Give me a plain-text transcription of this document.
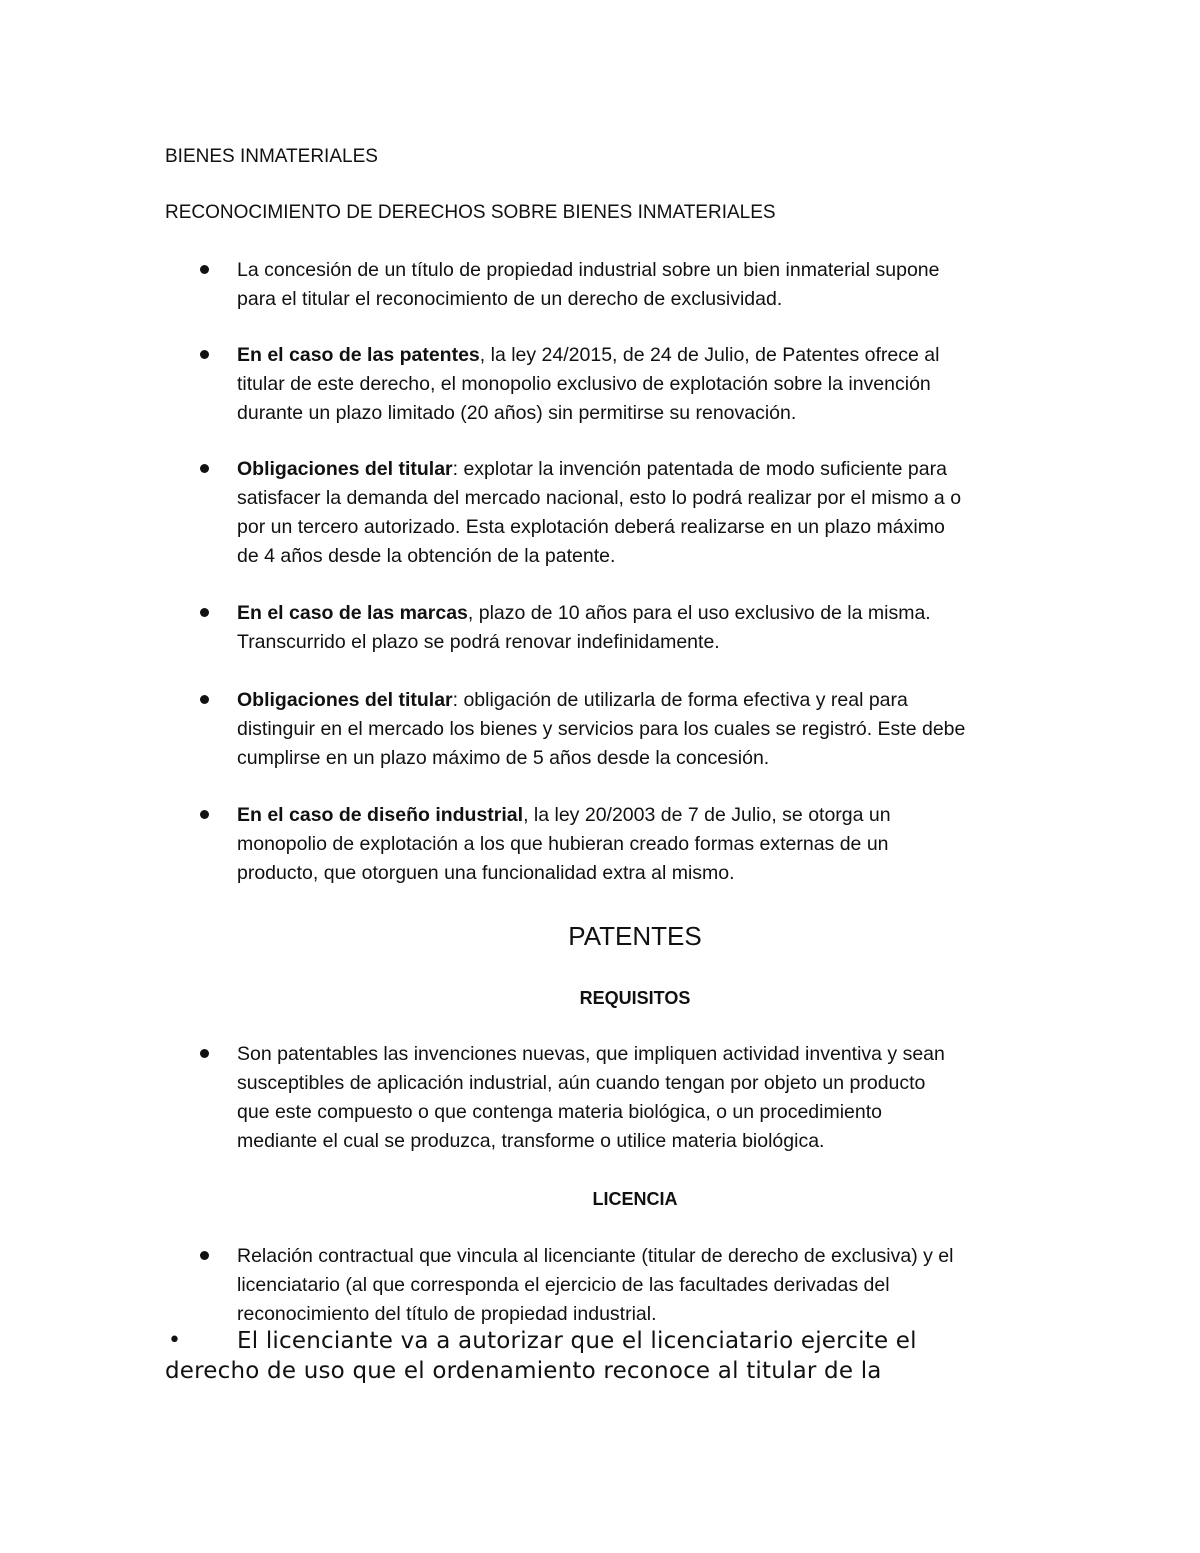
BIENES INMATERIALES
RECONOCIMIENTO DE DERECHOS SOBRE BIENES INMATERIALES
La concesión de un título de propiedad industrial sobre un bien inmaterial supone
para el titular el reconocimiento de un derecho de exclusividad.
En el caso de las patentes, la ley 24/2015, de 24 de Julio, de Patentes ofrece al
titular de este derecho, el monopolio exclusivo de explotación sobre la invención
durante un plazo limitado (20 años) sin permitirse su renovación.
Obligaciones del titular: explotar la invención patentada de modo suficiente para
satisfacer la demanda del mercado nacional, esto lo podrá realizar por el mismo a o
por un tercero autorizado. Esta explotación deberá realizarse en un plazo máximo
de 4 años desde la obtención de la patente.
En el caso de las marcas, plazo de 10 años para el uso exclusivo de la misma.
Transcurrido el plazo se podrá renovar indefinidamente.
Obligaciones del titular: obligación de utilizarla de forma efectiva y real para
distinguir en el mercado los bienes y servicios para los cuales se registró. Este debe
cumplirse en un plazo máximo de 5 años desde la concesión.
En el caso de diseño industrial, la ley 20/2003 de 7 de Julio, se otorga un
monopolio de explotación a los que hubieran creado formas externas de un
producto, que otorguen una funcionalidad extra al mismo.
PATENTES
REQUISITOS
Son patentables las invenciones nuevas, que impliquen actividad inventiva y sean
susceptibles de aplicación industrial, aún cuando tengan por objeto un producto
que este compuesto o que contenga materia biológica, o un procedimiento
mediante el cual se produzca, transforme o utilice materia biológica.
LICENCIA
Relación contractual que vincula al licenciante (titular de derecho de exclusiva) y el
licenciatario (al que corresponda el ejercicio de las facultades derivadas del
reconocimiento del título de propiedad industrial.
• El licenciante va a autorizar que el licenciatario ejercite el
derecho de uso que el ordenamiento reconoce al titular de la
